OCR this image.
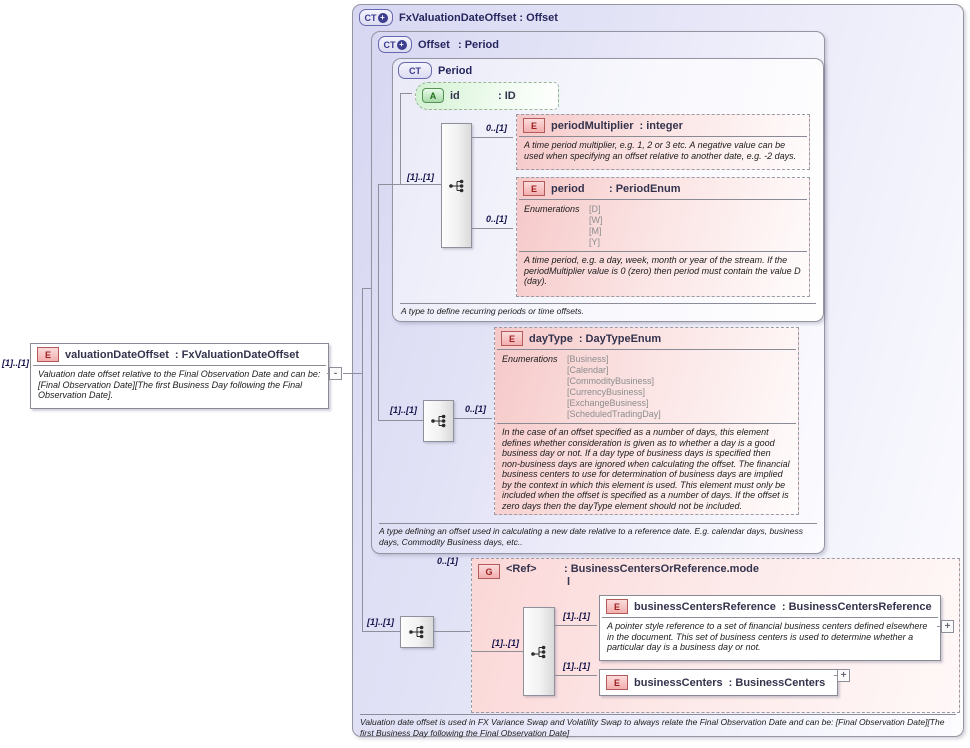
CT + FxValuationDateOffset : Offset
Valuation date offset is used in FX Variance Swap and Volatility Swap to always relate the Final Observation Date and can be: [Final Observation Date][The first Business Day following the Final Observation Date]
CT + Offset : Period
A type defining an offset used in calculating a new date relative to a reference date. E.g. calendar days, business days, Commodity Business days, etc..
CT Period
A type to define recurring periods or time offsets.
A	id	: ID
E	periodMultiplier : integer
A time period multiplier, e.g. 1, 2 or 3 etc. A negative value can be used when specifying an offset relative to another date, e.g. -2 days.
E	period	: PeriodEnum
Enumerations	[D]
[W]
[M]
[Y]
A time period, e.g. a day, week, month or year of the stream. If the periodMultiplier value is 0 (zero) then period must contain the value D (day).
E	dayType : DayTypeEnum
Enumerations	[Business]
[Calendar]
[CommodityBusiness]
[CurrencyBusiness]
[ExchangeBusiness]
[ScheduledTradingDay]
In the case of an offset specified as a number of days, this element defines whether consideration is given as to whether a day is a good business day or not. If a day type of business days is specified then non-business days are ignored when calculating the offset. The financial business centers to use for determination of business days are implied by the context in which this element is used. This element must only be included when the offset is specified as a number of days. If the offset is zero days then the dayType element should not be included.
G	<Ref>	: BusinessCentersOrReference.mode
l
E	businessCentersReference : BusinessCentersReference
A pointer style reference to a set of financial business centers defined elsewhere in the document. This set of business centers is used to determine whether a particular day is a business day or not.
E	businessCenters : BusinessCenters
[1]..[1]
E	valuationDateOffset : FxValuationDateOffset
Valuation date offset relative to the Final Observation Date and can be: [Final Observation Date][The first Business Day following the Final Observation Date].
-
+
+
[1]..[1]
0..[1]
0..[1]
[1]..[1]	0..[1]
0..[1]
[1]..[1]
[1]..[1]
[1]..[1]
[1]..[1]
